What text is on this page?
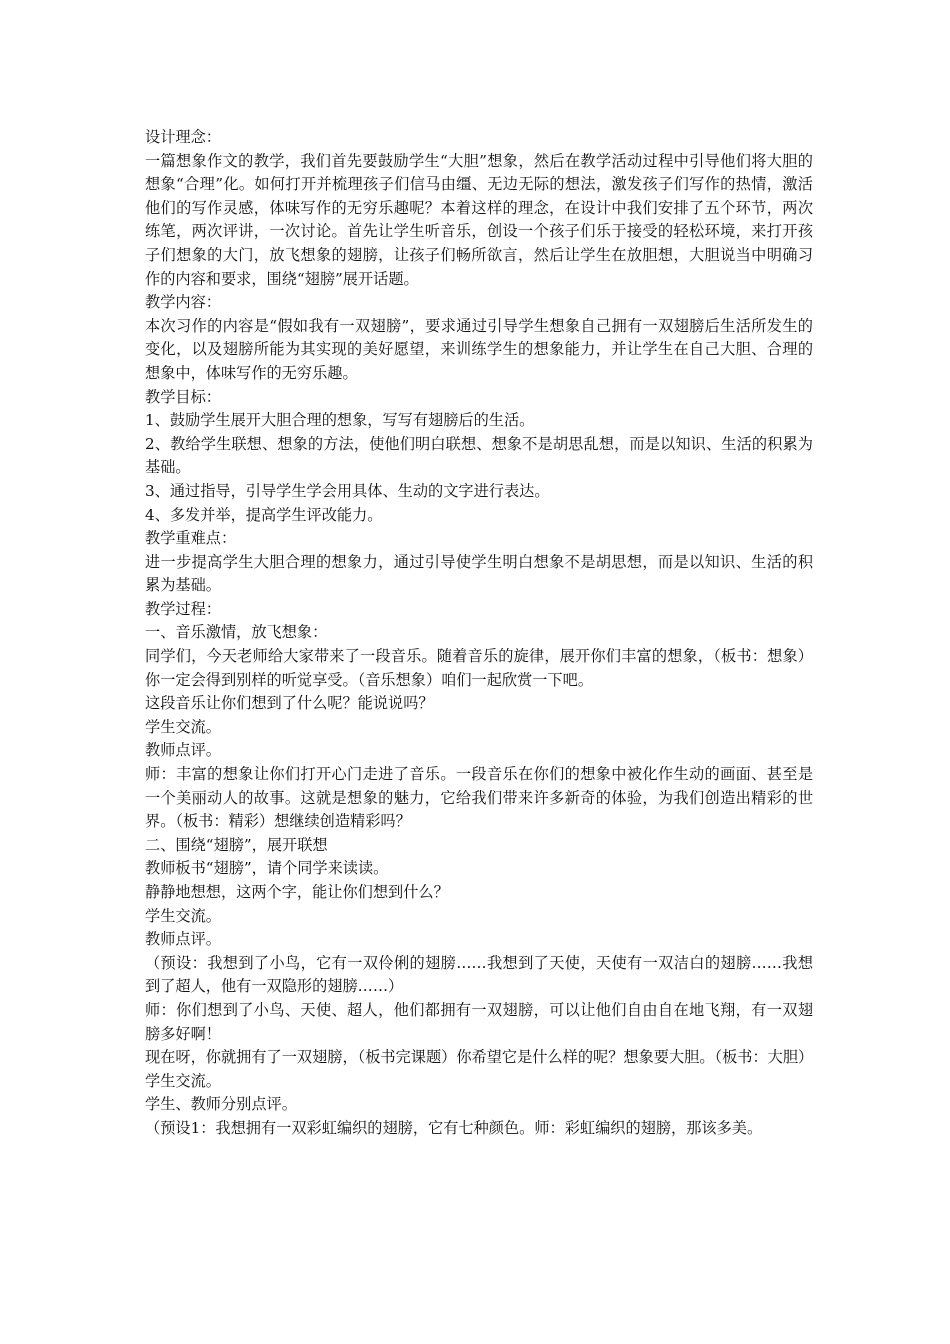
设计理念：

一篇想象作文的教学，我们首先要鼓励学生“大胆”想象，然后在教学活动过程中引导他们将大胆的想象“合理”化。如何打开并梳理孩子们信马由缰、无边无际的想法，激发孩子们写作的热情，激活他们的写作灵感，体味写作的无穷乐趣呢？本着这样的理念，在设计中我们安排了五个环节，两次练笔，两次评讲，一次讨论。首先让学生听音乐，创设一个孩子们乐于接受的轻松环境，来打开孩子们想象的大门，放飞想象的翅膀，让孩子们畅所欲言，然后让学生在放胆想，大胆说当中明确习作的内容和要求，围绕“翅膀”展开话题。

教学内容：

本次习作的内容是“假如我有一双翅膀”，要求通过引导学生想象自己拥有一双翅膀后生活所发生的变化，以及翅膀所能为其实现的美好愿望，来训练学生的想象能力，并让学生在自己大胆、合理的想象中，体味写作的无穷乐趣。

教学目标：

1、鼓励学生展开大胆合理的想象，写写有翅膀后的生活。

2、教给学生联想、想象的方法，使他们明白联想、想象不是胡思乱想，而是以知识、生活的积累为基础。

3、通过指导，引导学生学会用具体、生动的文字进行表达。

4、多发并举，提高学生评改能力。

教学重难点：

进一步提高学生大胆合理的想象力，通过引导使学生明白想象不是胡思想，而是以知识、生活的积累为基础。

教学过程：

一、音乐激情，放飞想象：

同学们，今天老师给大家带来了一段音乐。随着音乐的旋律，展开你们丰富的想象，（板书：想象）你一定会得到别样的听觉享受。（音乐想象）咱们一起欣赏一下吧。

这段音乐让你们想到了什么呢？能说说吗？

学生交流。

教师点评。

师：丰富的想象让你们打开心门走进了音乐。一段音乐在你们的想象中被化作生动的画面、甚至是一个美丽动人的故事。这就是想象的魅力，它给我们带来许多新奇的体验，为我们创造出精彩的世界。（板书：精彩）想继续创造精彩吗？

二、围绕“翅膀”，展开联想

教师板书“翅膀”，请个同学来读读。

静静地想想，这两个字，能让你们想到什么？

学生交流。

教师点评。

（预设：我想到了小鸟，它有一双伶俐的翅膀……我想到了天使，天使有一双洁白的翅膀……我想到了超人，他有一双隐形的翅膀……）

师：你们想到了小鸟、天使、超人，他们都拥有一双翅膀，可以让他们自由自在地飞翔，有一双翅膀多好啊！

现在呀，你就拥有了一双翅膀，（板书完课题）你希望它是什么样的呢？想象要大胆。（板书：大胆）

学生交流。

学生、教师分别点评。

（预设1：我想拥有一双彩虹编织的翅膀，它有七种颜色。师：彩虹编织的翅膀，那该多美。
